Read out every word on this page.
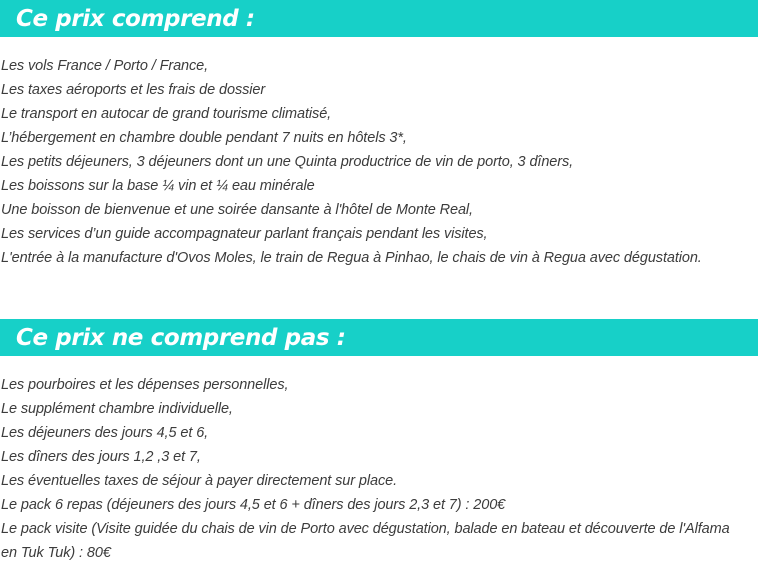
Ce prix comprend :
Les vols France / Porto / France,
Les taxes aéroports et les frais de dossier
Le transport en autocar de grand tourisme climatisé,
L’hébergement en chambre double pendant 7 nuits en hôtels 3*,
Les petits déjeuners, 3 déjeuners dont un une Quinta productrice de vin de porto, 3 dîners,
Les boissons sur la base ¼ vin et ¼ eau minérale
Une boisson de bienvenue et une soirée dansante à l'hôtel de Monte Real,
Les services d’un guide accompagnateur parlant français pendant les visites,
L'entrée à la manufacture d'Ovos Moles, le train de Regua à Pinhao, le chais de vin à Regua avec dégustation.
Ce prix ne comprend pas :
Les pourboires et les dépenses personnelles,
Le supplément chambre individuelle,
Les déjeuners des jours 4,5 et 6,
Les dîners des jours 1,2 ,3 et 7,
Les éventuelles taxes de séjour à payer directement sur place.
Le pack 6 repas (déjeuners des jours 4,5 et 6 + dîners des jours 2,3 et 7) : 200€
Le pack visite (Visite guidée du chais de vin de Porto avec dégustation, balade en bateau et découverte de l'Alfama en Tuk Tuk) : 80€
